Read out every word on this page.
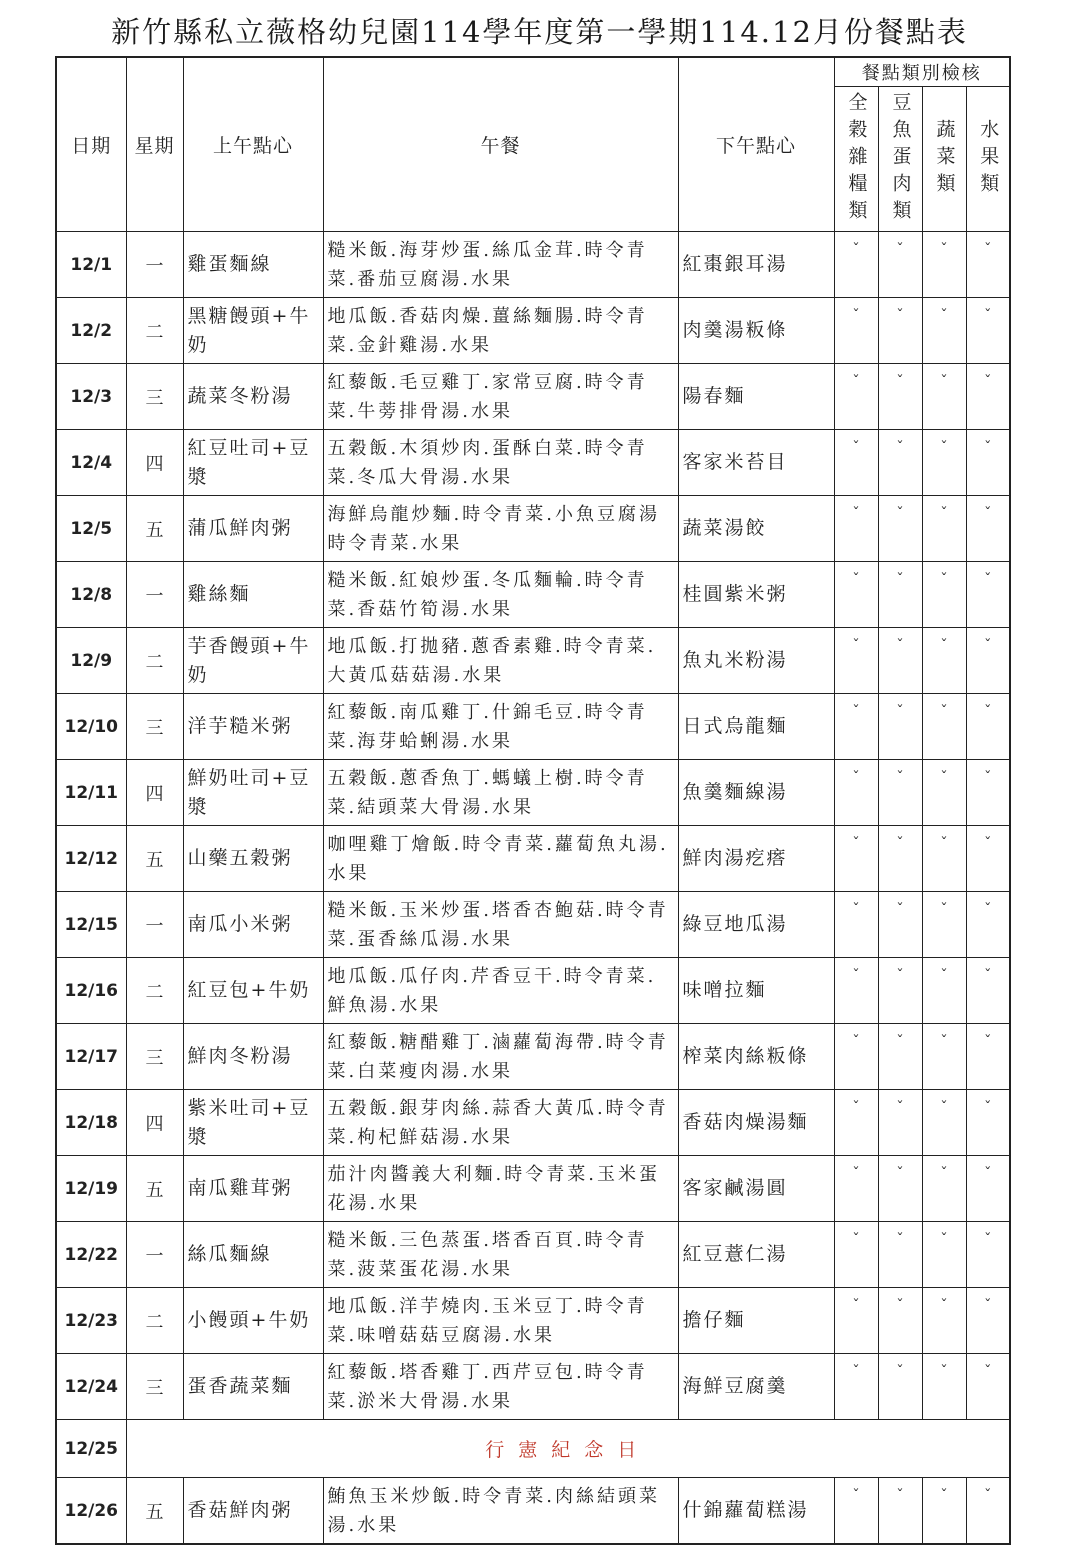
新竹縣私立薇格幼兒園114學年度第一學期114.12月份餐點表
日期	星期	上午點心	午餐	下午點心	餐點類別檢核			

					全穀雜糧類	豆魚蛋肉類	蔬菜類	水果類

12/1	一	雞蛋麵線	糙米飯.海芽炒蛋.絲瓜金茸.時令青菜.番茄豆腐湯.水果	紅棗銀耳湯	ˇ	ˇ	ˇ	ˇ
12/2	二	黑糖饅頭+牛奶	地瓜飯.香菇肉燥.薑絲麵腸.時令青菜.金針雞湯.水果	肉羹湯粄條	ˇ	ˇ	ˇ	ˇ
12/3	三	蔬菜冬粉湯	紅藜飯.毛豆雞丁.家常豆腐.時令青菜.牛蒡排骨湯.水果	陽春麵	ˇ	ˇ	ˇ	ˇ
12/4	四	紅豆吐司+豆漿	五穀飯.木須炒肉.蛋酥白菜.時令青菜.冬瓜大骨湯.水果	客家米苔目	ˇ	ˇ	ˇ	ˇ
12/5	五	蒲瓜鮮肉粥	海鮮烏龍炒麵.時令青菜.小魚豆腐湯時令青菜.水果	蔬菜湯餃	ˇ	ˇ	ˇ	ˇ
12/8	一	雞絲麵	糙米飯.紅娘炒蛋.冬瓜麵輪.時令青菜.香菇竹筍湯.水果	桂圓紫米粥	ˇ	ˇ	ˇ	ˇ
12/9	二	芋香饅頭+牛奶	地瓜飯.打拋豬.蔥香素雞.時令青菜.大黃瓜菇菇湯.水果	魚丸米粉湯	ˇ	ˇ	ˇ	ˇ
12/10	三	洋芋糙米粥	紅藜飯.南瓜雞丁.什錦毛豆.時令青菜.海芽蛤蜊湯.水果	日式烏龍麵	ˇ	ˇ	ˇ	ˇ
12/11	四	鮮奶吐司+豆漿	五穀飯.蔥香魚丁.螞蟻上樹.時令青菜.結頭菜大骨湯.水果	魚羹麵線湯	ˇ	ˇ	ˇ	ˇ
12/12	五	山藥五穀粥	咖哩雞丁燴飯.時令青菜.蘿蔔魚丸湯.水果	鮮肉湯疙瘩	ˇ	ˇ	ˇ	ˇ
12/15	一	南瓜小米粥	糙米飯.玉米炒蛋.塔香杏鮑菇.時令青菜.蛋香絲瓜湯.水果	綠豆地瓜湯	ˇ	ˇ	ˇ	ˇ
12/16	二	紅豆包+牛奶	地瓜飯.瓜仔肉.芹香豆干.時令青菜.鮮魚湯.水果	味噌拉麵	ˇ	ˇ	ˇ	ˇ
12/17	三	鮮肉冬粉湯	紅藜飯.糖醋雞丁.滷蘿蔔海帶.時令青菜.白菜瘦肉湯.水果	榨菜肉絲粄條	ˇ	ˇ	ˇ	ˇ
12/18	四	紫米吐司+豆漿	五穀飯.銀芽肉絲.蒜香大黃瓜.時令青菜.枸杞鮮菇湯.水果	香菇肉燥湯麵	ˇ	ˇ	ˇ	ˇ
12/19	五	南瓜雞茸粥	茄汁肉醬義大利麵.時令青菜.玉米蛋花湯.水果	客家鹹湯圓	ˇ	ˇ	ˇ	ˇ
12/22	一	絲瓜麵線	糙米飯.三色蒸蛋.塔香百頁.時令青菜.菠菜蛋花湯.水果	紅豆薏仁湯	ˇ	ˇ	ˇ	ˇ
12/23	二	小饅頭+牛奶	地瓜飯.洋芋燒肉.玉米豆丁.時令青菜.味噌菇菇豆腐湯.水果	擔仔麵	ˇ	ˇ	ˇ	ˇ
12/24	三	蛋香蔬菜麵	紅藜飯.塔香雞丁.西芹豆包.時令青菜.淤米大骨湯.水果	海鮮豆腐羹	ˇ	ˇ	ˇ	ˇ
12/25	行憲紀念日							
12/26	五	香菇鮮肉粥	鮪魚玉米炒飯.時令青菜.肉絲結頭菜湯.水果	什錦蘿蔔糕湯	ˇ	ˇ	ˇ	ˇ
